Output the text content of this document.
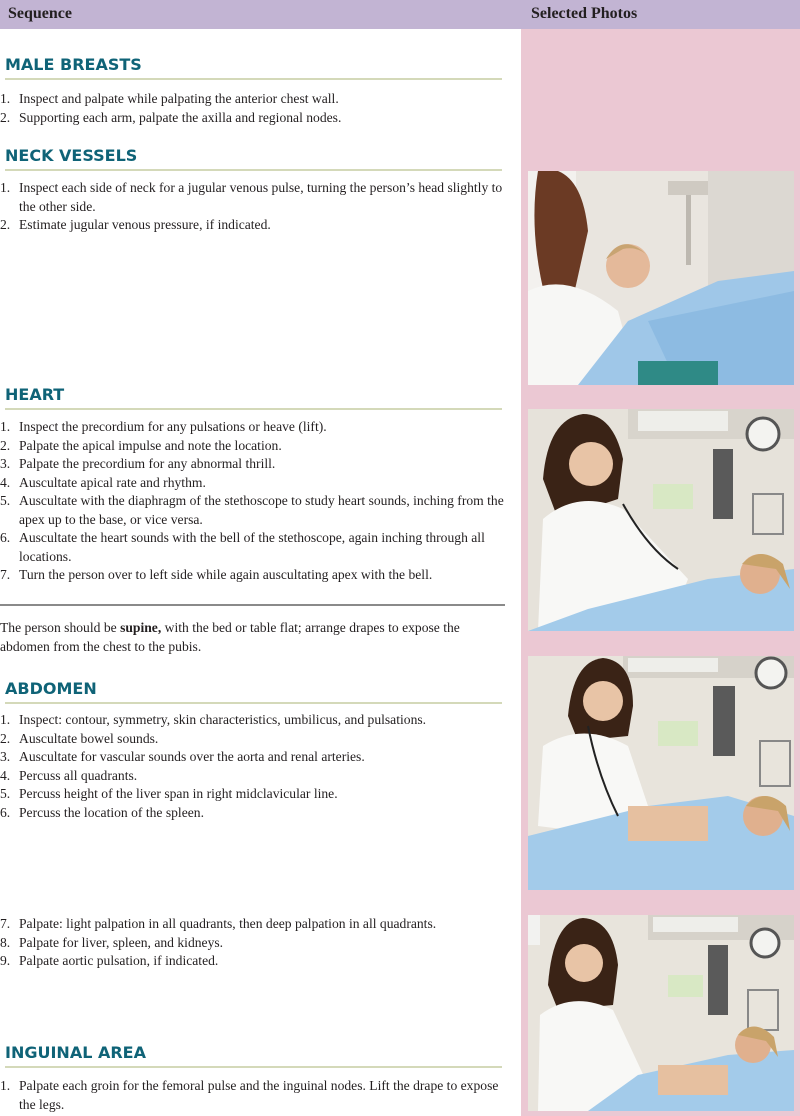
Sequence	Selected Photos
MALE BREASTS
1. Inspect and palpate while palpating the anterior chest wall.
2. Supporting each arm, palpate the axilla and regional nodes.
NECK VESSELS
1. Inspect each side of neck for a jugular venous pulse, turning the person’s head slightly to the other side.
2. Estimate jugular venous pressure, if indicated.
HEART
1. Inspect the precordium for any pulsations or heave (lift).
2. Palpate the apical impulse and note the location.
3. Palpate the precordium for any abnormal thrill.
4. Auscultate apical rate and rhythm.
5. Auscultate with the diaphragm of the stethoscope to study heart sounds, inching from the apex up to the base, or vice versa.
6. Auscultate the heart sounds with the bell of the stethoscope, again inching through all locations.
7. Turn the person over to left side while again auscultating apex with the bell.
The person should be supine, with the bed or table flat; arrange drapes to expose the abdomen from the chest to the pubis.
ABDOMEN
1. Inspect: contour, symmetry, skin characteristics, umbilicus, and pulsations.
2. Auscultate bowel sounds.
3. Auscultate for vascular sounds over the aorta and renal arteries.
4. Percuss all quadrants.
5. Percuss height of the liver span in right midclavicular line.
6. Percuss the location of the spleen.
7. Palpate: light palpation in all quadrants, then deep palpation in all quadrants.
8. Palpate for liver, spleen, and kidneys.
9. Palpate aortic pulsation, if indicated.
INGUINAL AREA
1. Palpate each groin for the femoral pulse and the inguinal nodes. Lift the drape to expose the legs.
